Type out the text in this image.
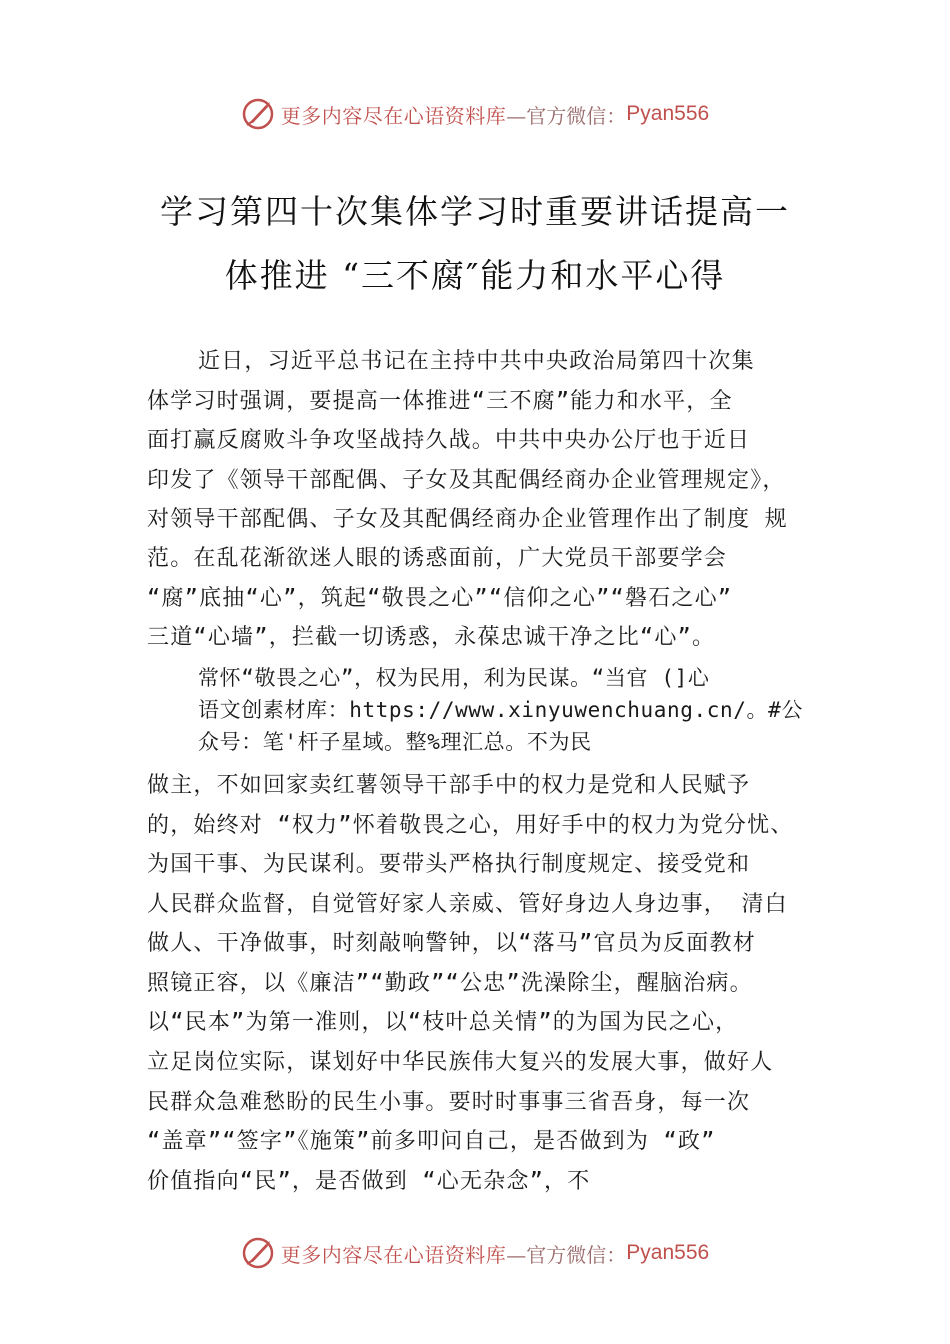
更多内容尽在心语资料库 —官方微信： Pyan556
学习第四十次集体学习时重要讲话提高一
体推进 “三不腐″能力和水平心得
近日，习近平总书记在主持中共中央政治局第四十次集
体学习时强调，要提高一体推进“三不腐”能力和水平，全
面打赢反腐败斗争攻坚战持久战。中共中央办公厅也于近日
印发了《领导干部配偶、子女及其配偶经商办企业管理规定》，
对领导干部配偶、子女及其配偶经商办企业管理作出了制度 规
范。在乱花渐欲迷人眼的诱惑面前，广大党员干部要学会
“腐”底抽“心”，筑起“敬畏之心”“信仰之心”“磐石之心”
三道“心墙”，拦截一切诱惑，永葆忠诚干净之比“心”。
常怀“敬畏之心”，权为民用，利为民谋。“当官 (]心
语文创素材库：https://www.xinyuwenchuang.cn/。#公
众号：笔'杆子星域。整%理汇总。不为民
做主，不如回家卖红薯领导干部手中的权力是党和人民赋予
的，始终对 “权力”怀着敬畏之心，用好手中的权力为党分忧、
为国干事、为民谋利。要带头严格执行制度规定、接受党和
人民群众监督，自觉管好家人亲威、管好身边人身边事， 清白
做人、干净做事，时刻敲响警钟，以“落马”官员为反面教材
照镜正容，以《廉洁”“勤政”“公忠”洗澡除尘，醒脑治病。
以“民本”为第一准则，以“枝叶总关情”的为国为民之心，
立足岗位实际，谋划好中华民族伟大复兴的发展大事，做好人
民群众急难愁盼的民生小事。要时时事事三省吾身，每一次
“盖章”“签字”《施策”前多叩问自己，是否做到为 “政”
价值指向“民”，是否做到 “心无杂念”，不
更多内容尽在心语资料库 —官方微信： Pyan556
